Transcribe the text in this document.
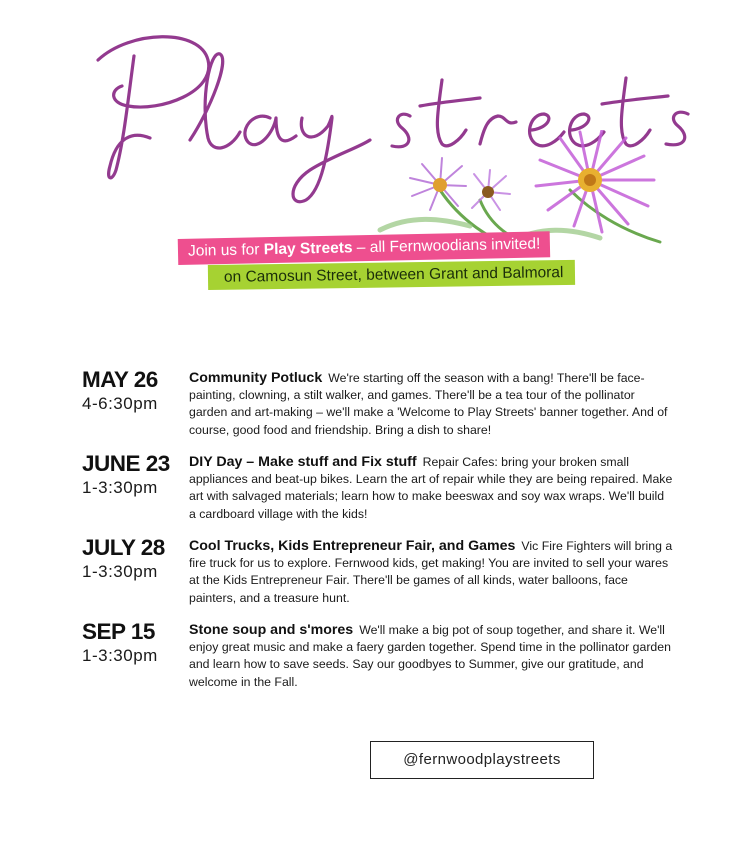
Join us for Play Streets – all Fernwoodians invited!
on Camosun Street, between Grant and Balmoral
MAY 26
4-6:30pm
Community Potluck We're starting off the season with a bang! There'll be face-painting, clowning, a stilt walker, and games. There'll be a tea tour of the pollinator garden and art-making – we'll make a 'Welcome to Play Streets' banner together. And of course, good food and friendship. Bring a dish to share!
JUNE 23
1-3:30pm
DIY Day – Make stuff and Fix stuff Repair Cafes: bring your broken small appliances and beat-up bikes. Learn the art of repair while they are being repaired. Make art with salvaged materials; learn how to make beeswax and soy wax wraps. We'll build a cardboard village with the kids!
JULY 28
1-3:30pm
Cool Trucks, Kids Entrepreneur Fair, and Games Vic Fire Fighters will bring a fire truck for us to explore. Fernwood kids, get making! You are invited to sell your wares at the Kids Entrepreneur Fair. There'll be games of all kinds, water balloons, face painters, and a treasure hunt.
SEP 15
1-3:30pm
Stone soup and s'mores We'll make a big pot of soup together, and share it. We'll enjoy great music and make a faery garden together. Spend time in the pollinator garden and learn how to save seeds. Say our goodbyes to Summer, give our gratitude, and welcome in the Fall.
@fernwoodplaystreets
